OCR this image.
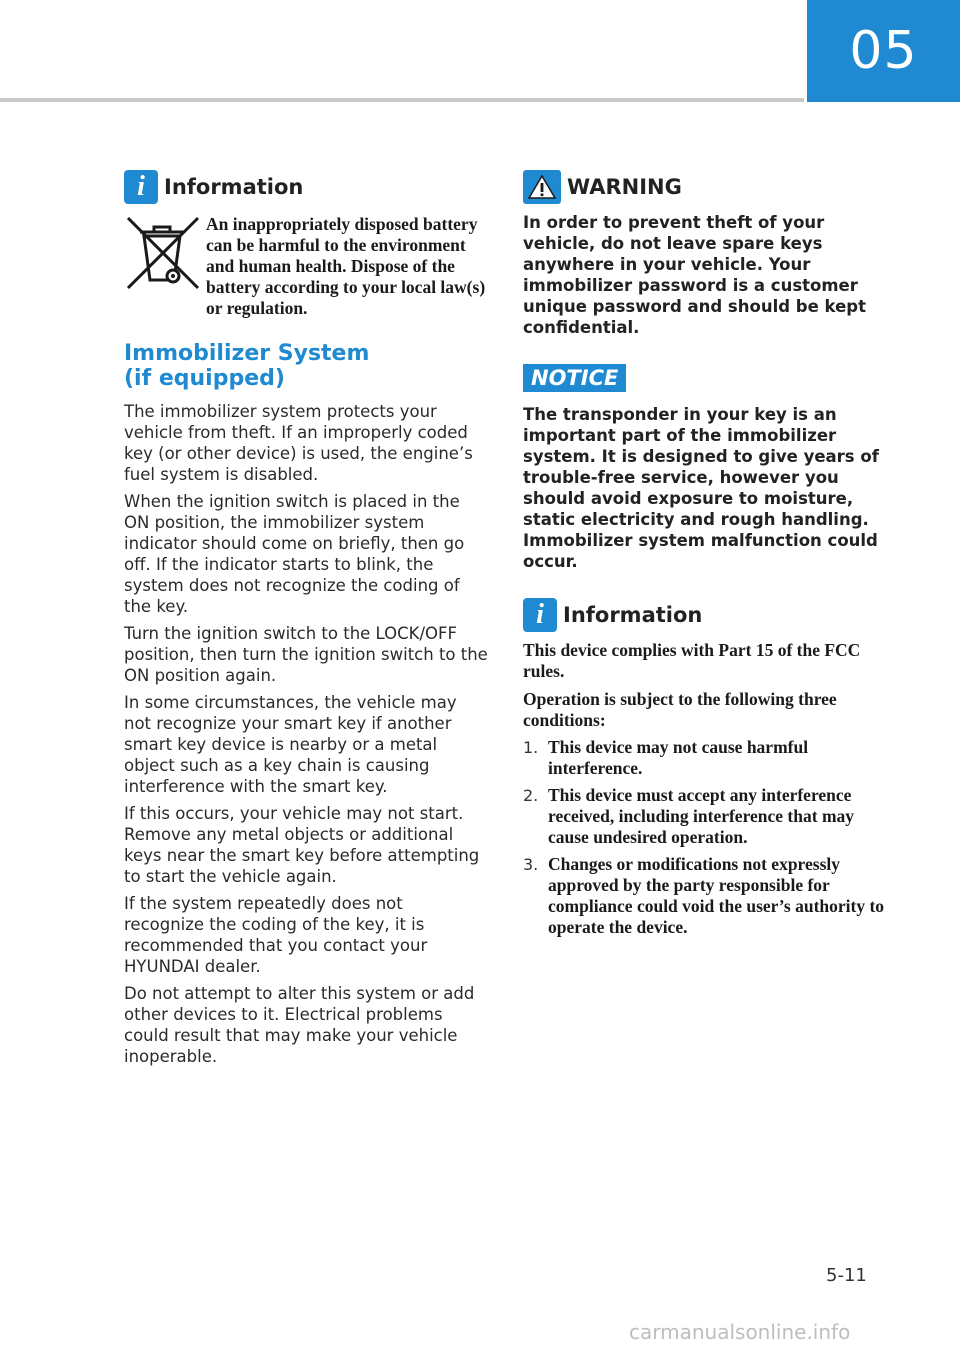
05
i Information
An inappropriately disposed battery can be harmful to the environment and human health. Dispose of the battery according to your local law(s) or regulation.
Immobilizer System
(if equipped)

The immobilizer system protects your vehicle from theft. If an improperly coded key (or other device) is used, the engine’s fuel system is disabled.

When the ignition switch is placed in the ON position, the immobilizer system indicator should come on briefly, then go off. If the indicator starts to blink, the system does not recognize the coding of the key.

Turn the ignition switch to the LOCK/OFF position, then turn the ignition switch to the ON position again.

In some circumstances, the vehicle may not recognize your smart key if another smart key device is nearby or a metal object such as a key chain is causing interference with the smart key.

If this occurs, your vehicle may not start. Remove any metal objects or additional keys near the smart key before attempting to start the vehicle again.

If the system repeatedly does not recognize the coding of the key, it is recommended that you contact your HYUNDAI dealer.

Do not attempt to alter this system or add other devices to it. Electrical problems could result that may make your vehicle inoperable.

WARNING
In order to prevent theft of your vehicle, do not leave spare keys anywhere in your vehicle. Your immobilizer password is a customer unique password and should be kept confidential.
NOTICE
The transponder in your key is an important part of the immobilizer system. It is designed to give years of trouble-free service, however you should avoid exposure to moisture, static electricity and rough handling. Immobilizer system malfunction could occur.
i Information
This device complies with Part 15 of the FCC rules.
Operation is subject to the following three conditions:
1. This device may not cause harmful interference.
2. This device must accept any interference received, including interference that may cause undesired operation.
3. Changes or modifications not expressly approved by the party responsible for compliance could void the user’s authority to operate the device.
5-11
carmanualsonline.info
